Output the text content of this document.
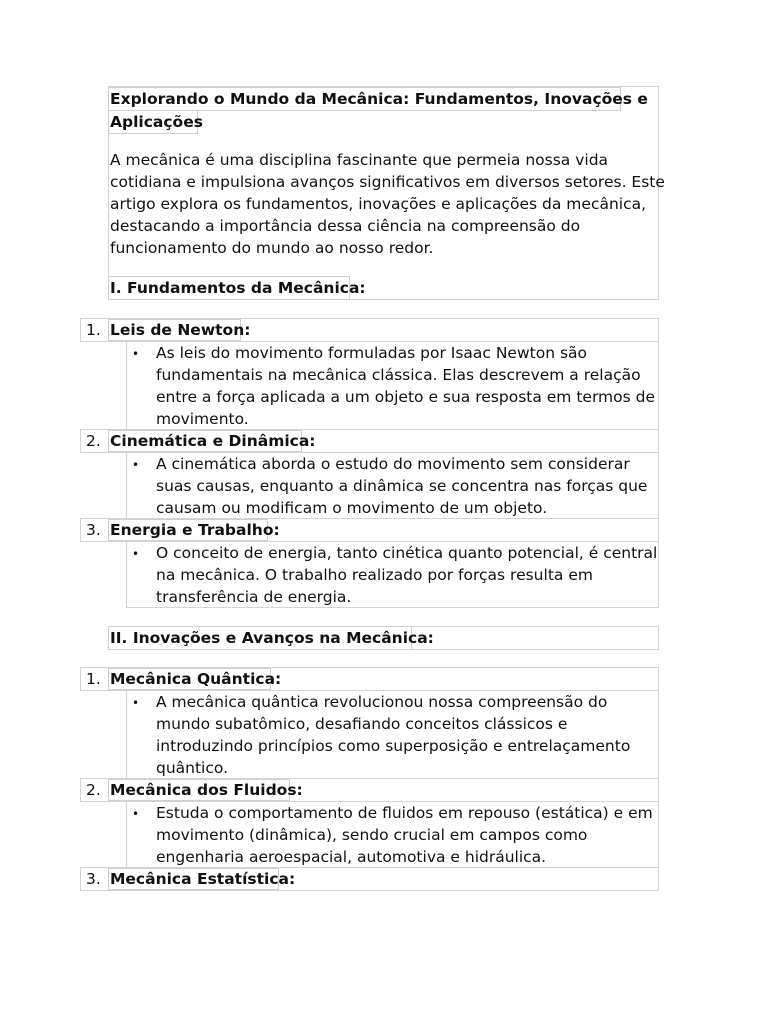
Explorando o Mundo da Mecânica: Fundamentos, Inovações e
Aplicações
A mecânica é uma disciplina fascinante que permeia nossa vida
cotidiana e impulsiona avanços significativos em diversos setores. Este
artigo explora os fundamentos, inovações e aplicações da mecânica,
destacando a importância dessa ciência na compreensão do
funcionamento do mundo ao nosso redor.
I. Fundamentos da Mecânica:
1. Leis de Newton:
• As leis do movimento formuladas por Isaac Newton são
fundamentais na mecânica clássica. Elas descrevem a relação
entre a força aplicada a um objeto e sua resposta em termos de
movimento.
2. Cinemática e Dinâmica:
• A cinemática aborda o estudo do movimento sem considerar
suas causas, enquanto a dinâmica se concentra nas forças que
causam ou modificam o movimento de um objeto.
3. Energia e Trabalho:
• O conceito de energia, tanto cinética quanto potencial, é central
na mecânica. O trabalho realizado por forças resulta em
transferência de energia.
II. Inovações e Avanços na Mecânica:
1. Mecânica Quântica:
• A mecânica quântica revolucionou nossa compreensão do
mundo subatômico, desafiando conceitos clássicos e
introduzindo princípios como superposição e entrelaçamento
quântico.
2. Mecânica dos Fluidos:
• Estuda o comportamento de fluidos em repouso (estática) e em
movimento (dinâmica), sendo crucial em campos como
engenharia aeroespacial, automotiva e hidráulica.
3. Mecânica Estatística:
